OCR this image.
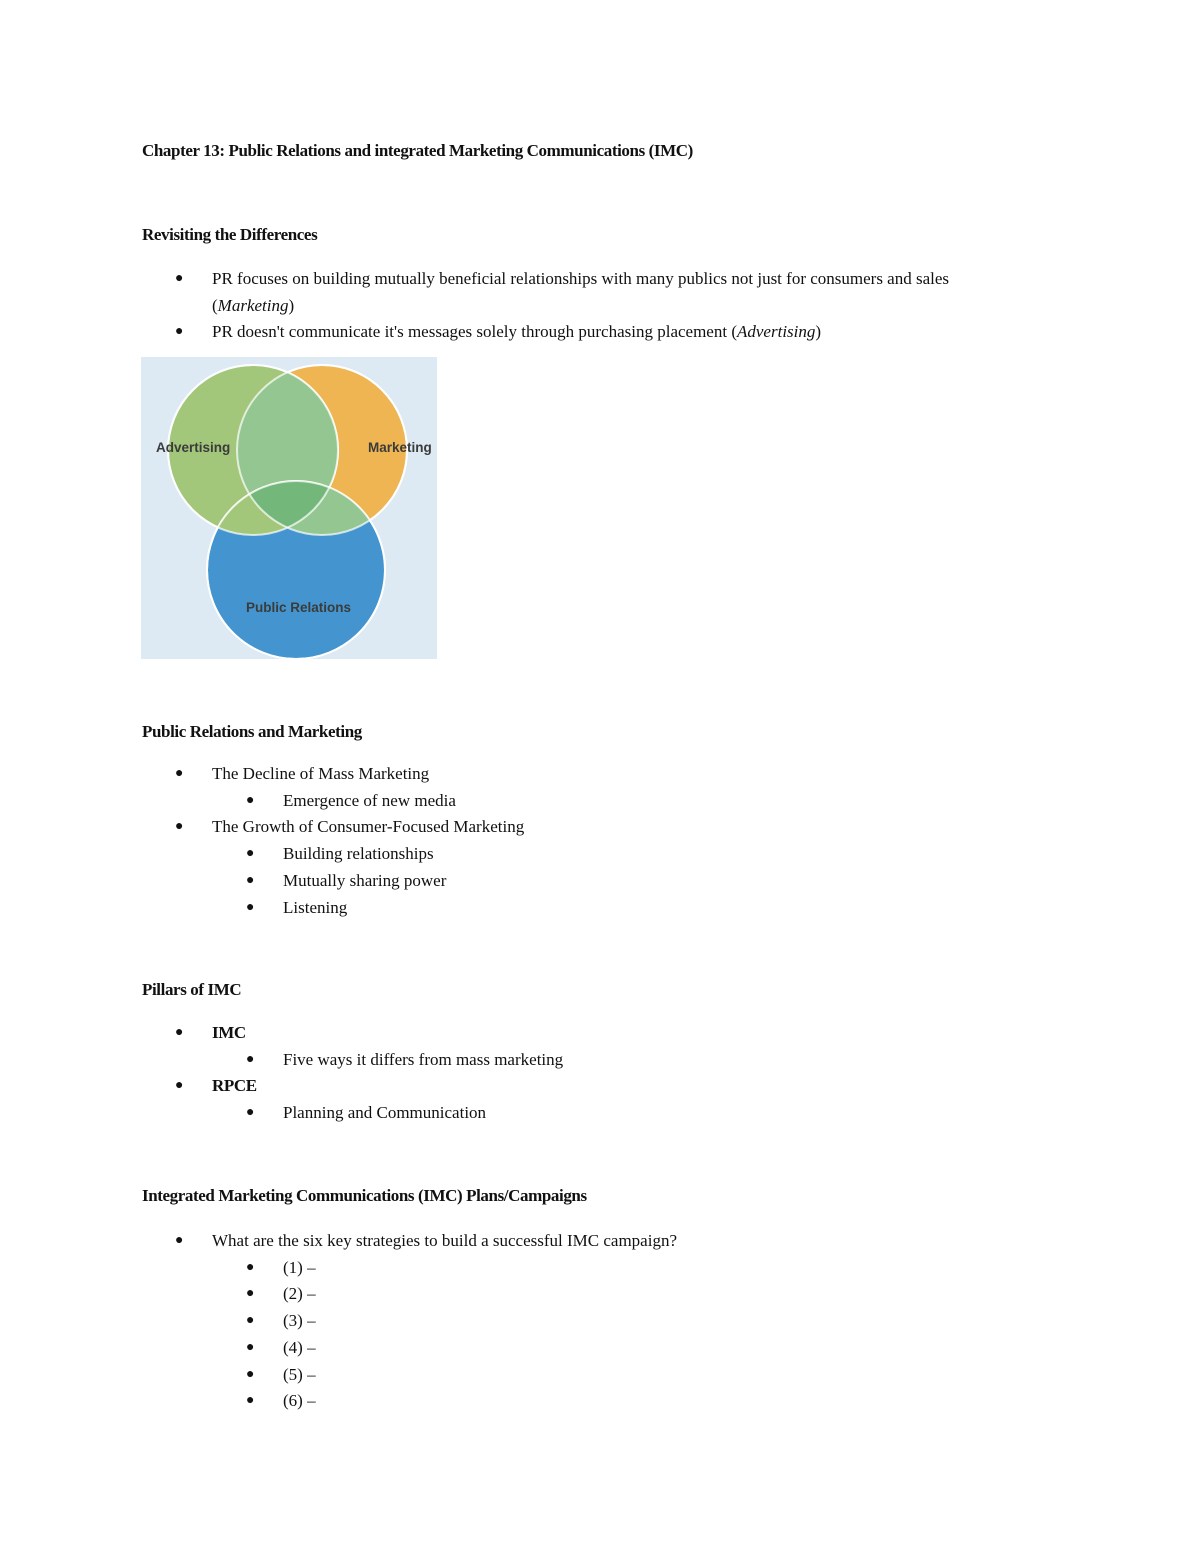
Chapter 13: Public Relations and integrated Marketing Communications (IMC)
Revisiting the Differences
● PR focuses on building mutually beneficial relationships with many publics not just for consumers and sales
(Marketing)
● PR doesn't communicate it's messages solely through purchasing placement (Advertising)
Advertising	Marketing
Public Relations
Public Relations and Marketing
● The Decline of Mass Marketing
● Emergence of new media
● The Growth of Consumer-Focused Marketing
● Building relationships
● Mutually sharing power
● Listening
Pillars of IMC
● IMC
● Five ways it differs from mass marketing
● RPCE
● Planning and Communication
Integrated Marketing Communications (IMC) Plans/Campaigns
● What are the six key strategies to build a successful IMC campaign?
● (1) –
● (2) –
● (3) –
● (4) –
● (5) –
● (6) –
